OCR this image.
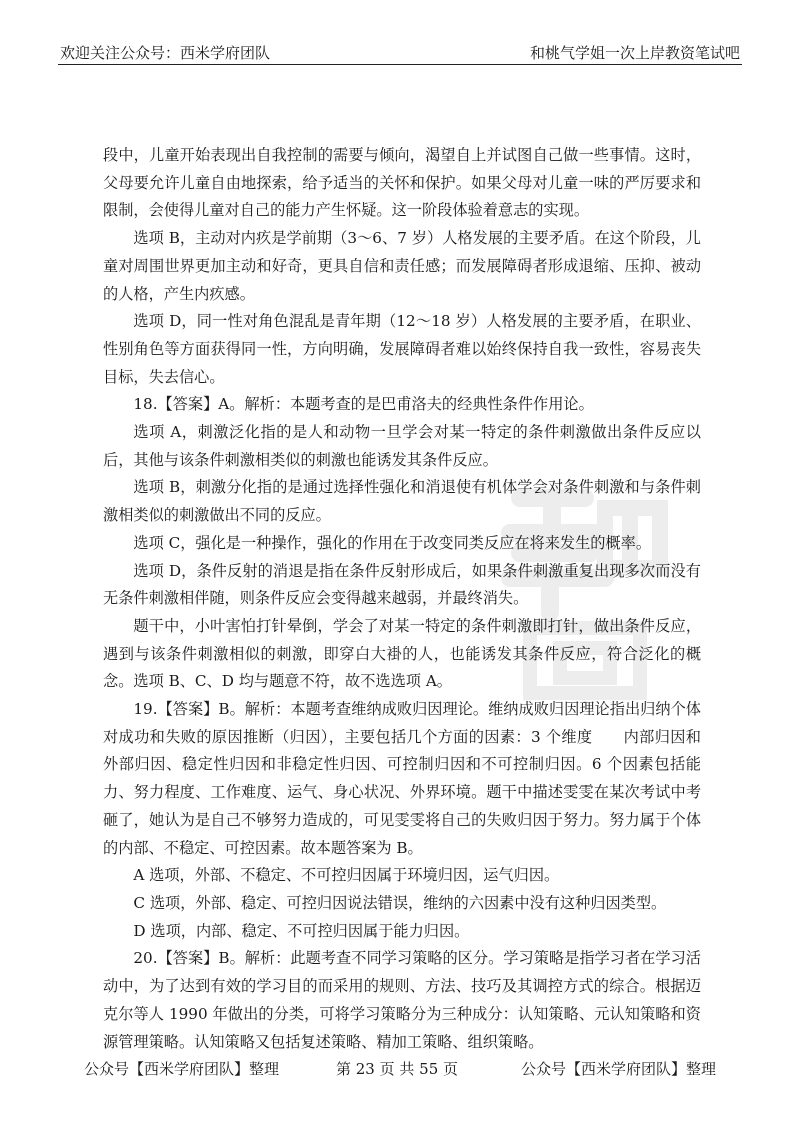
欢迎关注公众号：西米学府团队	和桃气学姐一次上岸教资笔试吧

段中，儿童开始表现出自我控制的需要与倾向，渴望自上并试图自己做一些事情。这时，父母要允许儿童自由地探索，给予适当的关怀和保护。如果父母对儿童一味的严厉要求和限制，会使得儿童对自己的能力产生怀疑。这一阶段体验着意志的实现。

选项 B，主动对内疚是学前期（3～6、7 岁）人格发展的主要矛盾。在这个阶段，儿童对周围世界更加主动和好奇，更具自信和责任感；而发展障碍者形成退缩、压抑、被动的人格，产生内疚感。

选项 D，同一性对角色混乱是青年期（12～18 岁）人格发展的主要矛盾，在职业、性别角色等方面获得同一性，方向明确，发展障碍者难以始终保持自我一致性，容易丧失目标，失去信心。

18.【答案】A。解析：本题考查的是巴甫洛夫的经典性条件作用论。

选项 A，刺激泛化指的是人和动物一旦学会对某一特定的条件刺激做出条件反应以后，其他与该条件刺激相类似的刺激也能诱发其条件反应。

选项 B，刺激分化指的是通过选择性强化和消退使有机体学会对条件刺激和与条件刺激相类似的刺激做出不同的反应。

选项 C，强化是一种操作，强化的作用在于改变同类反应在将来发生的概率。

选项 D，条件反射的消退是指在条件反射形成后，如果条件刺激重复出现多次而没有无条件刺激相伴随，则条件反应会变得越来越弱，并最终消失。

题干中，小叶害怕打针晕倒，学会了对某一特定的条件刺激即打针，做出条件反应，遇到与该条件刺激相似的刺激，即穿白大褂的人，也能诱发其条件反应，符合泛化的概念。选项 B、C、D 均与题意不符，故不选选项 A。

19.【答案】B。解析：本题考查维纳成败归因理论。维纳成败归因理论指出归纳个体对成功和失败的原因推断（归因），主要包括几个方面的因素：3 个维度　　内部归因和外部归因、稳定性归因和非稳定性归因、可控制归因和不可控制归因。6 个因素包括能力、努力程度、工作难度、运气、身心状况、外界环境。题干中描述雯雯在某次考试中考砸了，她认为是自己不够努力造成的，可见雯雯将自己的失败归因于努力。努力属于个体的内部、不稳定、可控因素。故本题答案为 B。

A 选项，外部、不稳定、不可控归因属于环境归因，运气归因。

C 选项，外部、稳定、可控归因说法错误，维纳的六因素中没有这种归因类型。

D 选项，内部、稳定、不可控归因属于能力归因。

20.【答案】B。解析：此题考查不同学习策略的区分。学习策略是指学习者在学习活动中，为了达到有效的学习目的而采用的规则、方法、技巧及其调控方式的综合。根据迈克尔等人 1990 年做出的分类，可将学习策略分为三种成分：认知策略、元认知策略和资源管理策略。认知策略又包括复述策略、精加工策略、组织策略。

公众号【西米学府团队】整理	第 23 页 共 55 页	公众号【西米学府团队】整理
